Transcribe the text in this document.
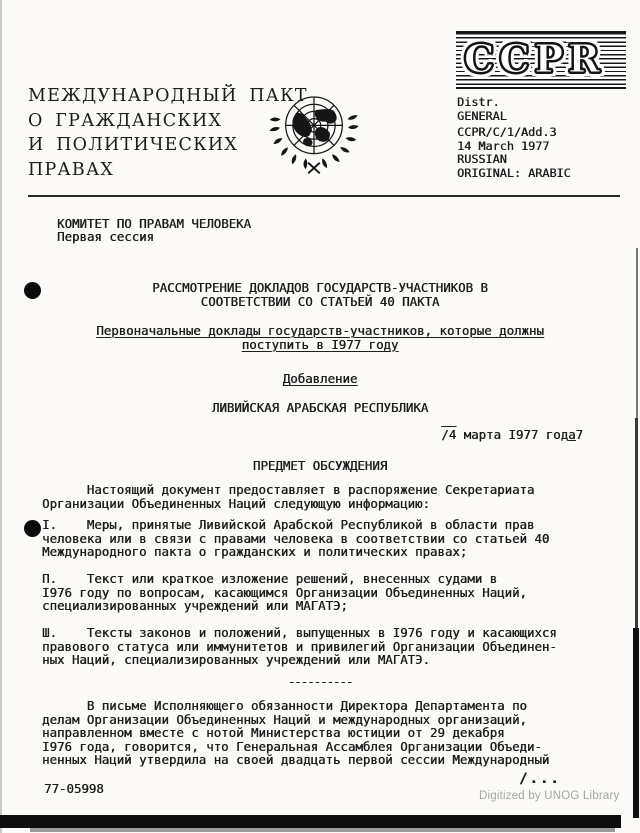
МЕЖДУНАРОДНЫЙ ПАКТ
О ГРАЖДАНСКИХ
И ПОЛИТИЧЕСКИХ
ПРАВАХ
CCPR
Distr.
GENERAL
CCPR/C/1/Add.3
14 March 1977
RUSSIAN
ORIGINAL: ARABIC
КОМИТЕТ ПО ПРАВАМ ЧЕЛОВЕКА
Первая сессия
РАССМОТРЕНИЕ ДОКЛАДОВ ГОСУДАРСТВ-УЧАСТНИКОВ В
СООТВЕТСТВИИ СО СТАТЬЕЙ 40 ПАКТА
Первоначальные доклады государств-участников, которые должны
поступить в I977 году
Добавление
ЛИВИЙСКАЯ АРАБСКАЯ РЕСПУБЛИКА
/4 марта I977 года7
ПРЕДМЕТ ОБСУЖДЕНИЯ
Настоящий документ предоставляет в распоряжение Секретариата
Организации Объединенных Наций следующую информацию:
I.    Меры, принятые Ливийской Арабской Республикой в области прав
человека или в связи с правами человека в соответствии со статьей 40
Международного пакта о гражданских и политических правах;
П.    Текст или краткое изложение решений, внесенных судами в
I976 году по вопросам, касающимся Организации Объединенных Наций,
специализированных учреждений или МАГАТЭ;
Ш.    Тексты законов и положений, выпущенных в I976 году и касающихся
правового статуса или иммунитетов и привилегий Организации Объединен-
ных Наций, специализированных учреждений или МАГАТЭ.
----------
В письме Исполняющего обязанности Директора Департамента по
делам Организации Объединенных Наций и международных организаций,
направленном вместе с нотой Министерства юстиции от 29 декабря
I976 года, говорится, что Генеральная Ассамблея Организации Объеди-
ненных Наций утвердила на своей двадцать первой сессии Международный
77-05998
/...
Digitized by UNOG Library
